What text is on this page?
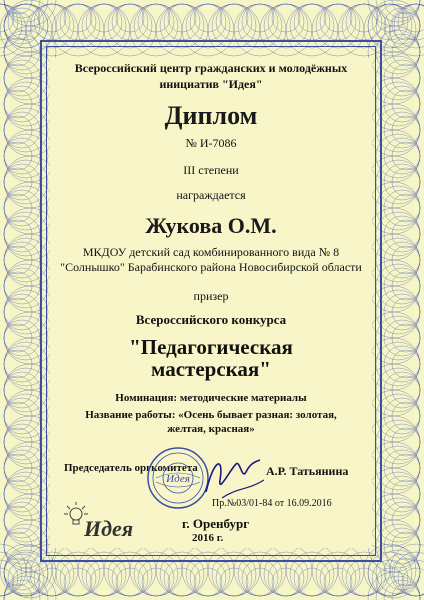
Всероссийский центр гражданских и молодёжных инициатив "Идея"
Диплом
№ И-7086
III степени
награждается
Жукова О.М.
МКДОУ детский сад комбинированного вида № 8 "Солнышко" Барабинского района Новосибирской области
призер
Всероссийского конкурса
"Педагогическая мастерская"
Номинация: методические материалы
Название работы: «Осень бывает разная: золотая, желтая, красная»
Председатель оргкомитета
Идея
А.Р. Татьянина
Пр.№03/01-84 от 16.09.2016
Идея	г. Оренбург
2016 г.
